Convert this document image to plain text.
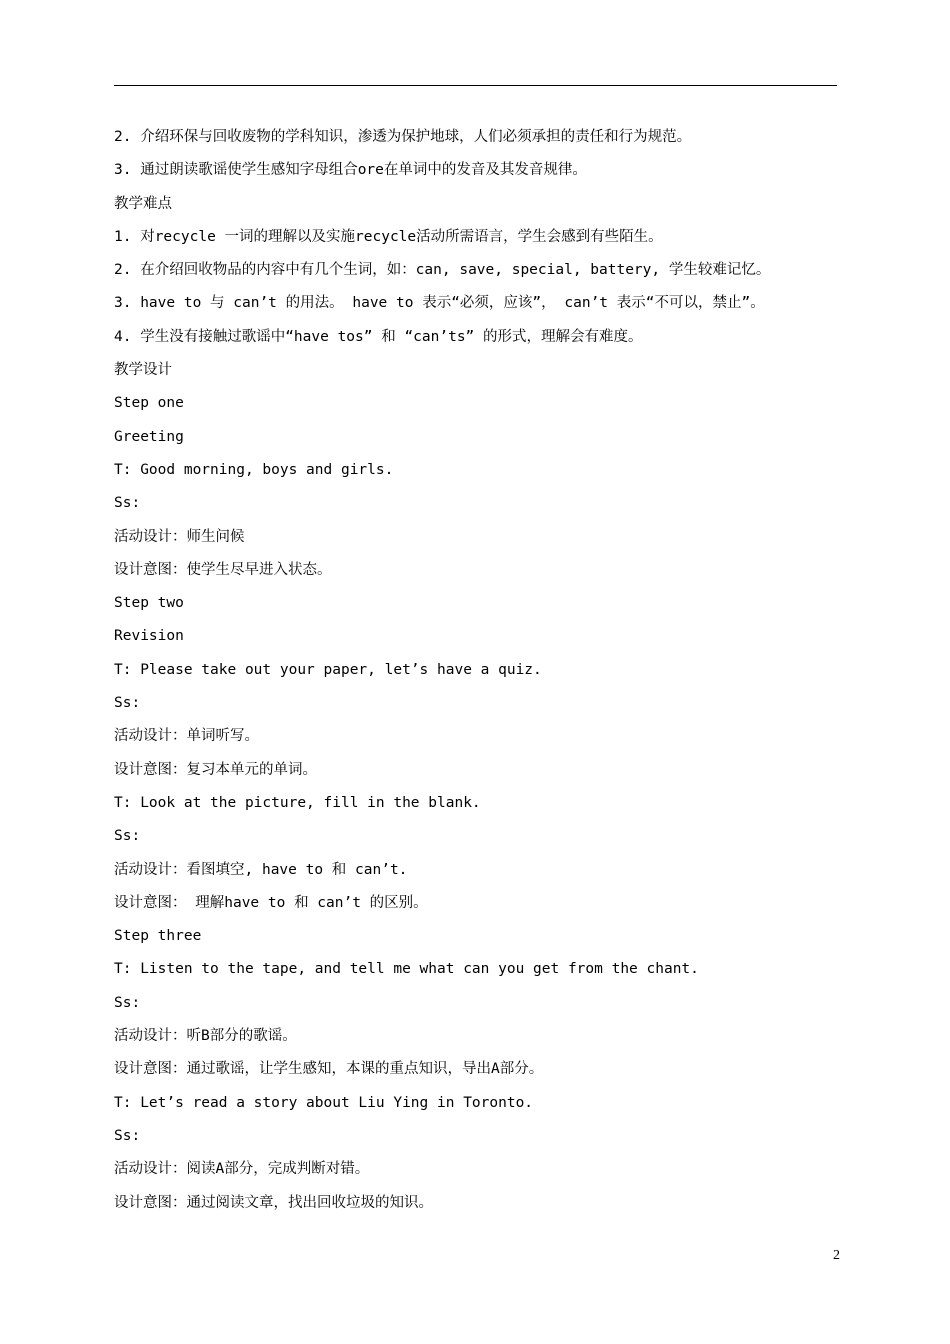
2. 介绍环保与回收废物的学科知识，渗透为保护地球，人们必须承担的责任和行为规范。
3. 通过朗读歌谣使学生感知字母组合ore在单词中的发音及其发音规律。
教学难点
1. 对recycle 一词的理解以及实施recycle活动所需语言，学生会感到有些陌生。
2. 在介绍回收物品的内容中有几个生词，如：can, save, special, battery, 学生较难记忆。
3. have to 与 can’t 的用法。 have to 表示“必须，应该”， can’t 表示“不可以，禁止”。
4. 学生没有接触过歌谣中“have tos” 和 “can’ts” 的形式，理解会有难度。
教学设计
Step one
Greeting
T: Good morning, boys and girls.
Ss:
活动设计：师生问候
设计意图：使学生尽早进入状态。
Step two
Revision
T: Please take out your paper, let’s have a quiz.
Ss:
活动设计：单词听写。
设计意图：复习本单元的单词。
T: Look at the picture, fill in the blank.
Ss:
活动设计：看图填空, have to 和 can’t.
设计意图： 理解have to 和 can’t 的区别。
Step three
T: Listen to the tape, and tell me what can you get from the chant.
Ss:
活动设计：听B部分的歌谣。
设计意图：通过歌谣，让学生感知，本课的重点知识，导出A部分。
T: Let’s read a story about Liu Ying in Toronto.
Ss:
活动设计：阅读A部分，完成判断对错。
设计意图：通过阅读文章，找出回收垃圾的知识。
2
